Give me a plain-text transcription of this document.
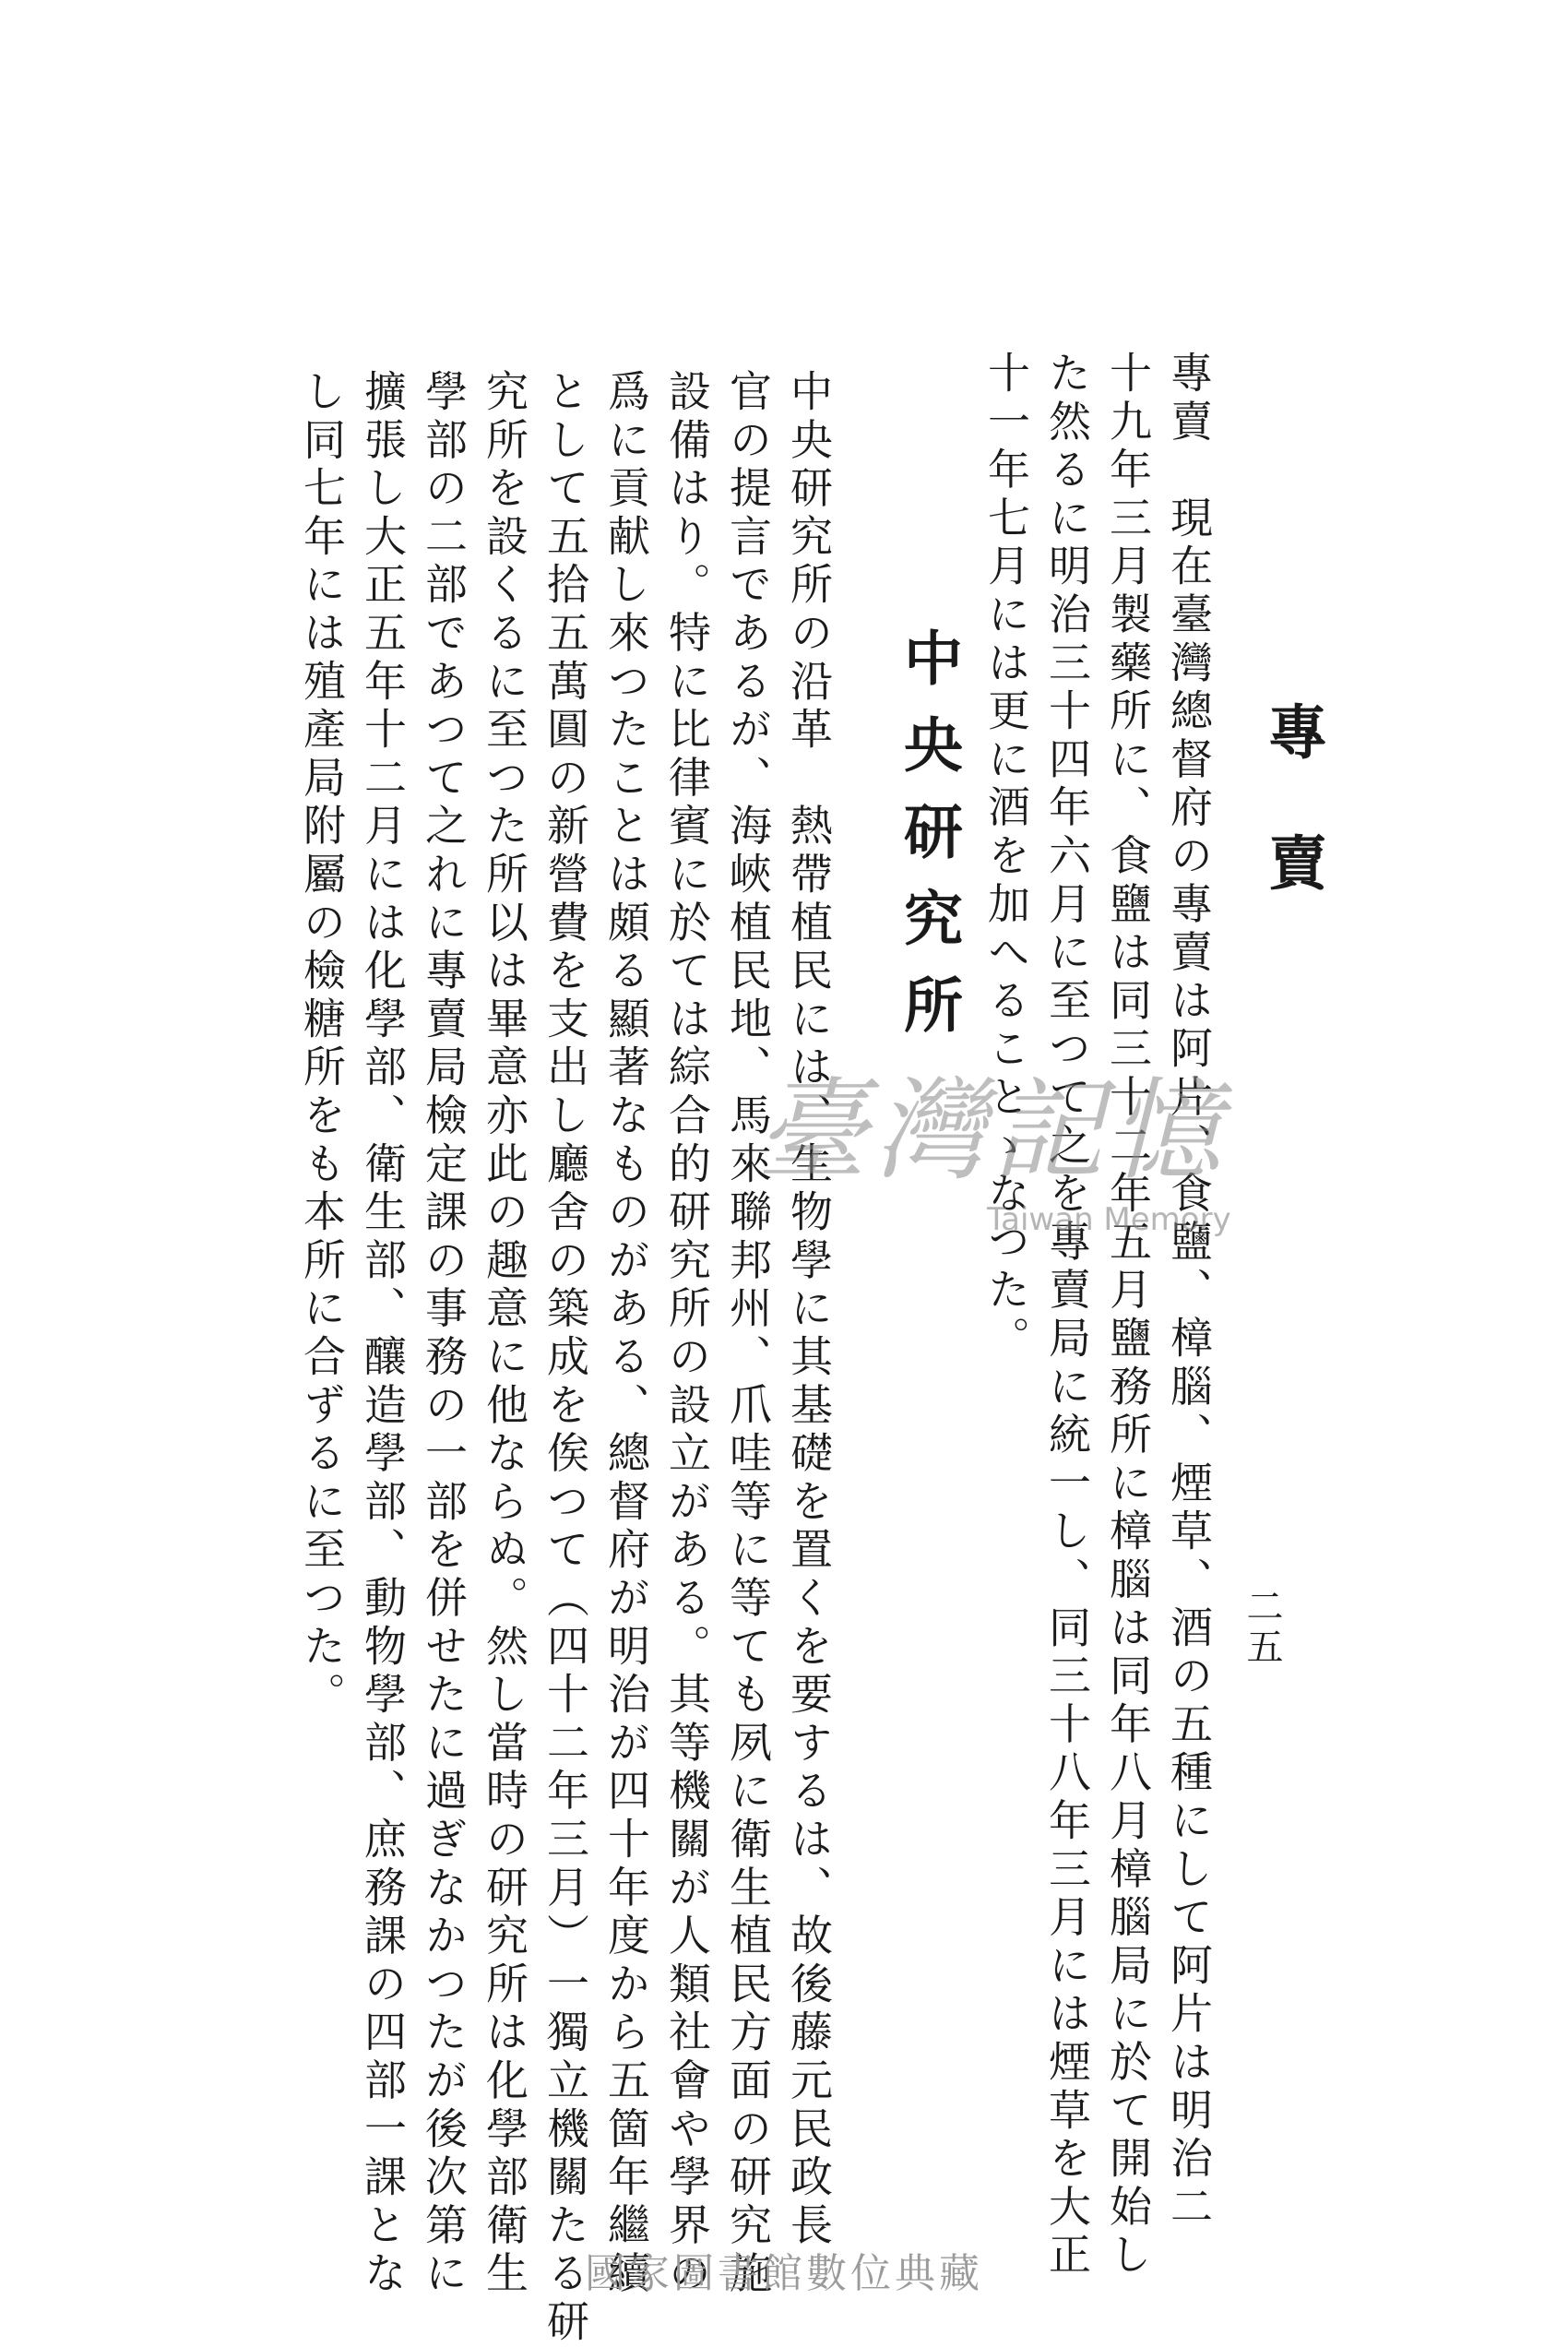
專賣
專賣　現在臺灣總督府の專賣は阿片、食鹽、樟腦、煙草、酒の五種にして阿片は明治二
十九年三月製藥所に、食鹽は同三十二年五月鹽務所に樟腦は同年八月樟腦局に於て開始し
た然るに明治三十四年六月に至つて之を專賣局に統一し、同三十八年三月には煙草を大正
十一年七月には更に酒を加へることゝなつた。
中央研究所
中央研究所の沿革　熱帶植民には、生物學に其基礎を置くを要するは、故後藤元民政長
官の提言であるが、海峽植民地、馬來聯邦州、爪哇等に等ても夙に衛生植民方面の研究施
設備はり。特に比律賓に於ては綜合的研究所の設立がある。其等機關が人類社會や學界の
爲に貢献し來つたことは頗る顯著なものがある、總督府が明治が四十年度から五箇年繼續
として五拾五萬圓の新營費を支出し廳舍の築成を俟つて（四十二年三月）一獨立機關たる研
究所を設くるに至つた所以は畢意亦此の趣意に他ならぬ。然し當時の研究所は化學部衛生
學部の二部であつて之れに專賣局檢定課の事務の一部を併せたに過ぎなかつたが後次第に
擴張し大正五年十二月には化學部、衛生部、釀造學部、動物學部、庶務課の四部一課とな
し同七年には殖產局附屬の檢糖所をも本所に合ずるに至つた。	二五
臺灣記憶
Taiwan Memory
國家圖書館數位典藏
